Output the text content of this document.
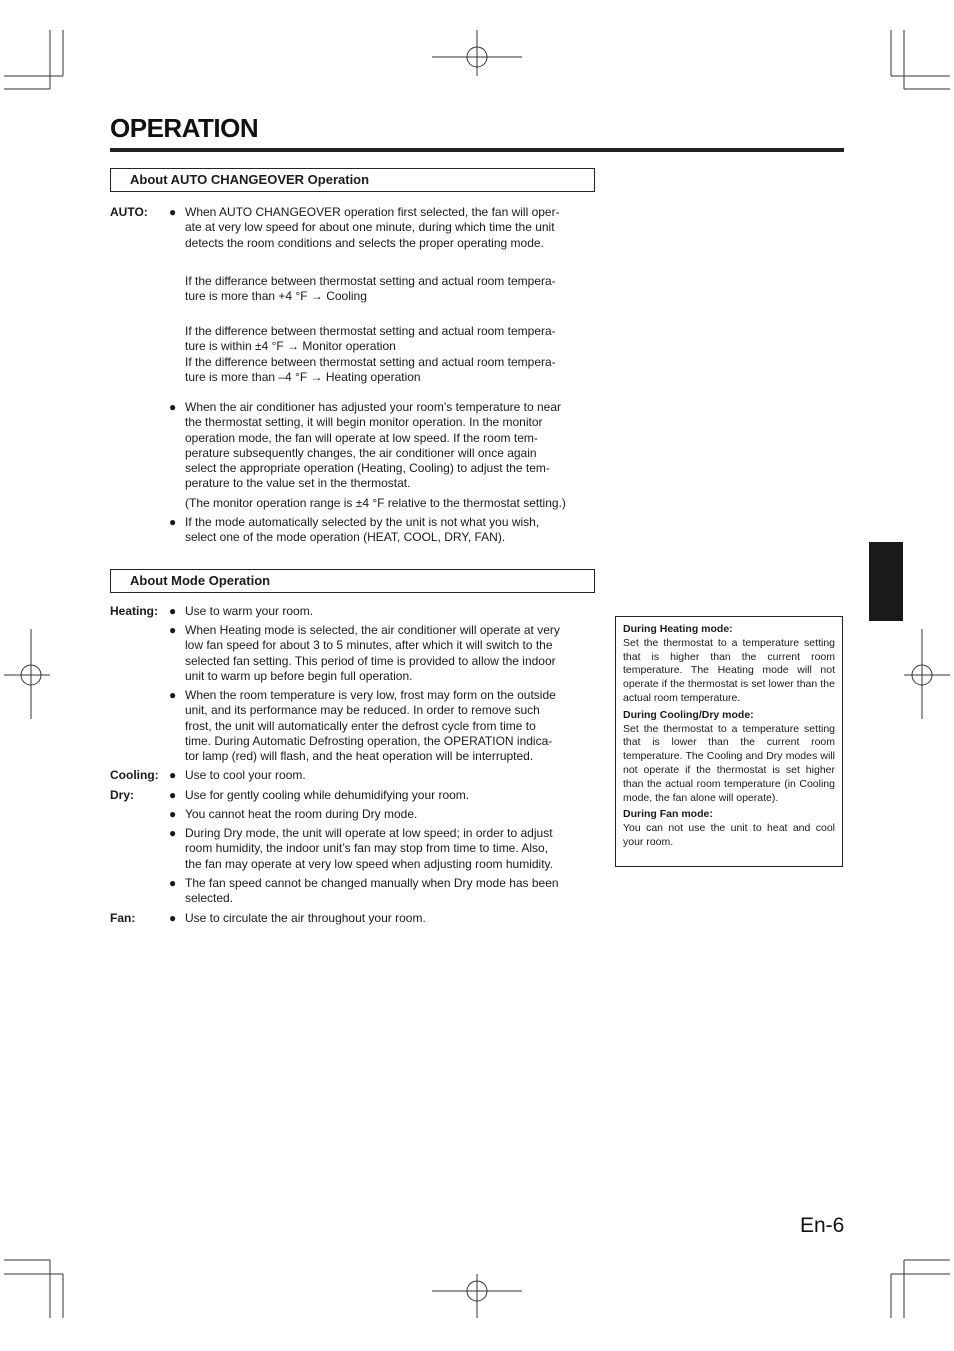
OPERATION
About AUTO CHANGEOVER Operation
AUTO: ● When AUTO CHANGEOVER operation first selected, the fan will oper-
ate at very low speed for about one minute, during which time the unit
detects the room conditions and selects the proper operating mode.
If the differance between thermostat setting and actual room tempera-
ture is more than +4 °F → Cooling
If the difference between thermostat setting and actual room tempera-
ture is within ±4 °F → Monitor operation
If the difference between thermostat setting and actual room tempera-
ture is more than –4 °F → Heating operation
● When the air conditioner has adjusted your room’s temperature to near
the thermostat setting, it will begin monitor operation. In the monitor
operation mode, the fan will operate at low speed. If the room tem-
perature subsequently changes, the air conditioner will once again
select the appropriate operation (Heating, Cooling) to adjust the tem-
perature to the value set in the thermostat.
(The monitor operation range is ±4 °F relative to the thermostat setting.)
● If the mode automatically selected by the unit is not what you wish,
select one of the mode operation (HEAT, COOL, DRY, FAN).
About Mode Operation
Heating: ● Use to warm your room.
● When Heating mode is selected, the air conditioner will operate at very
low fan speed for about 3 to 5 minutes, after which it will switch to the
selected fan setting. This period of time is provided to allow the indoor
unit to warm up before begin full operation.
● When the room temperature is very low, frost may form on the outside
unit, and its performance may be reduced. In order to remove such
frost, the unit will automatically enter the defrost cycle from time to
time. During Automatic Defrosting operation, the OPERATION indica-
tor lamp (red) will flash, and the heat operation will be interrupted.
Cooling: ● Use to cool your room.
Dry:	● Use for gently cooling while dehumidifying your room.
● You cannot heat the room during Dry mode.
● During Dry mode, the unit will operate at low speed; in order to adjust
room humidity, the indoor unit’s fan may stop from time to time. Also,
the fan may operate at very low speed when adjusting room humidity.
● The fan speed cannot be changed manually when Dry mode has been
selected.
Fan:	● Use to circulate the air throughout your room.

During Heating mode:

Set the thermostat to a temperature setting that is higher than the current room temperature. The Heating mode will not operate if the thermostat is set lower than the actual room temperature.

During Cooling/Dry mode:

Set the thermostat to a temperature setting that is lower than the current room temperature. The Cooling and Dry modes will not operate if the thermostat is set higher than the actual room temperature (in Cooling mode, the fan alone will operate).

During Fan mode:

You can not use the unit to heat and cool your room.

En-6
